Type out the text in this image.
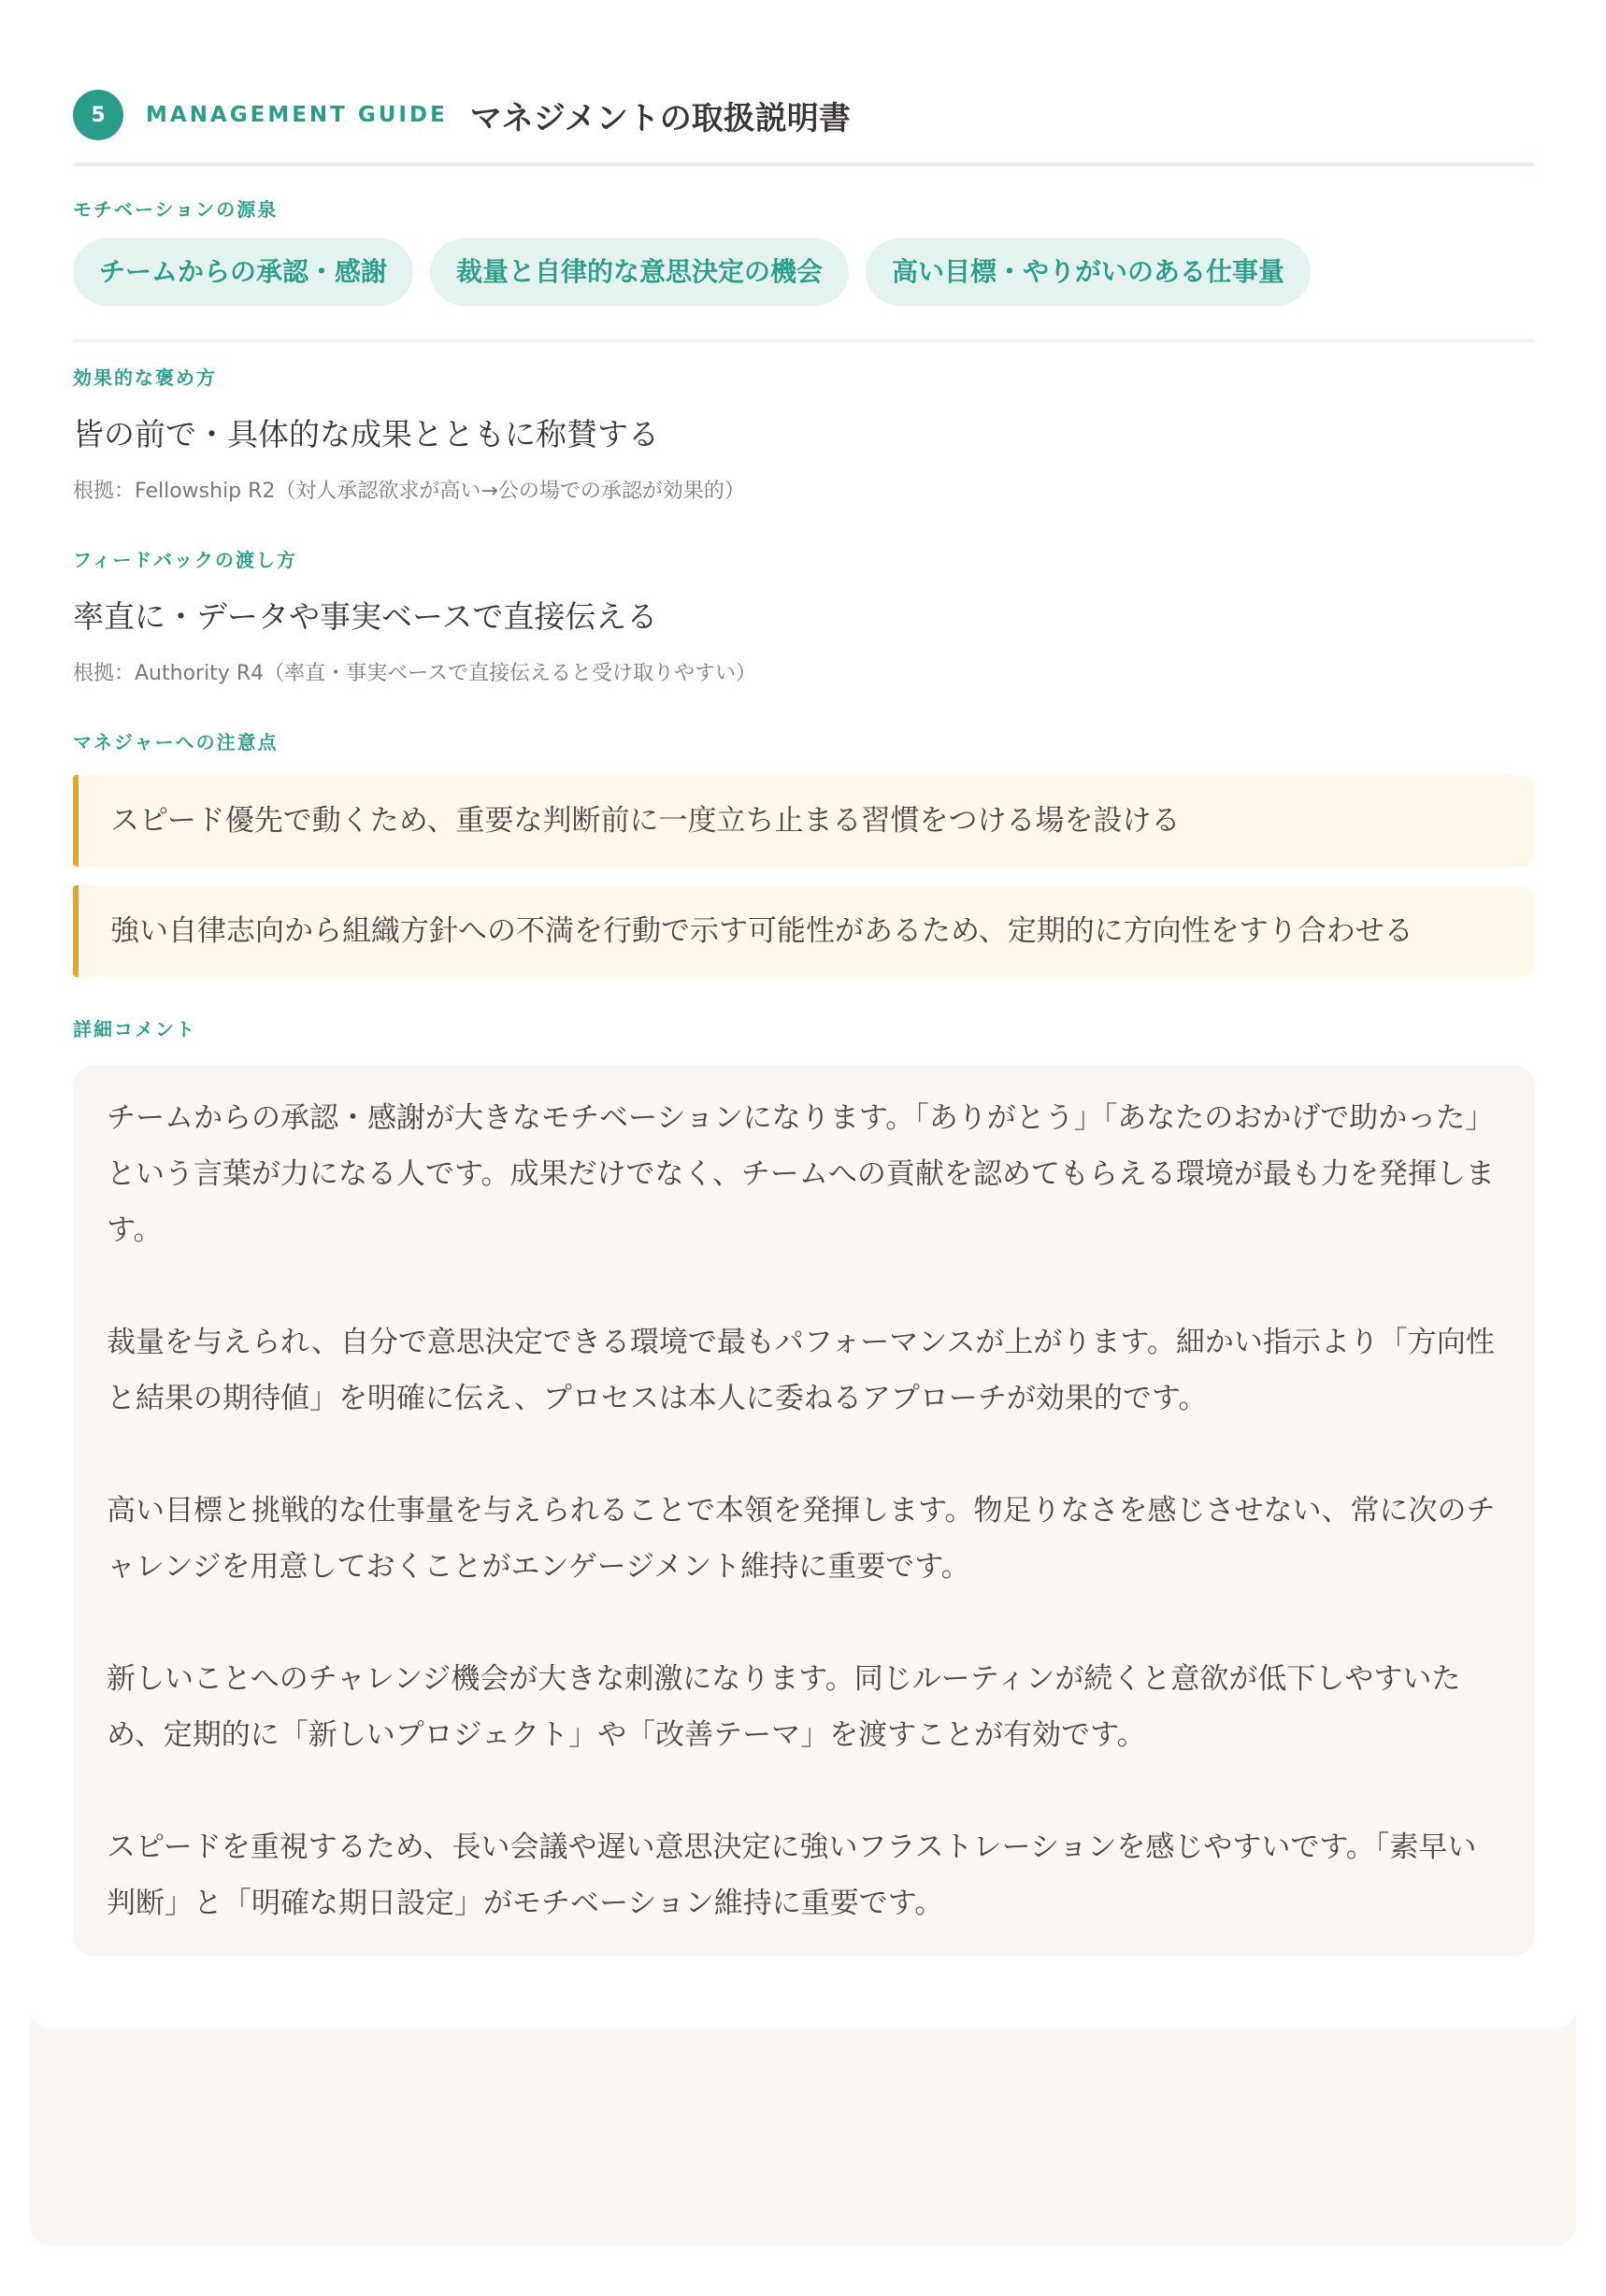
5	MANAGEMENT GUIDE マネジメントの取扱説明書
モチベーションの源泉
チームからの承認・感謝	裁量と自律的な意思決定の機会	高い目標・やりがいのある仕事量
効果的な褒め方
皆の前で・具体的な成果とともに称賛する
根拠：Fellowship R2（対人承認欲求が高い→公の場での承認が効果的）
フィードバックの渡し方
率直に・データや事実ベースで直接伝える
根拠：Authority R4（率直・事実ベースで直接伝えると受け取りやすい）
マネジャーへの注意点
スピード優先で動くため、重要な判断前に一度立ち止まる習慣をつける場を設ける
強い自律志向から組織方針への不満を行動で示す可能性があるため、定期的に方向性をすり合わせる
詳細コメント

チームからの承認・感謝が大きなモチベーションになります。「ありがとう」「あなたのおかげで助かった」という言葉が力になる人です。成果だけでなく、チームへの貢献を認めてもらえる環境が最も力を発揮します。

裁量を与えられ、自分で意思決定できる環境で最もパフォーマンスが上がります。細かい指示より「方向性と結果の期待値」を明確に伝え、プロセスは本人に委ねるアプローチが効果的です。

高い目標と挑戦的な仕事量を与えられることで本領を発揮します。物足りなさを感じさせない、常に次のチャレンジを用意しておくことがエンゲージメント維持に重要です。

新しいことへのチャレンジ機会が大きな刺激になります。同じルーティンが続くと意欲が低下しやすいため、定期的に「新しいプロジェクト」や「改善テーマ」を渡すことが有効です。

スピードを重視するため、長い会議や遅い意思決定に強いフラストレーションを感じやすいです。「素早い判断」と「明確な期日設定」がモチベーション維持に重要です。
